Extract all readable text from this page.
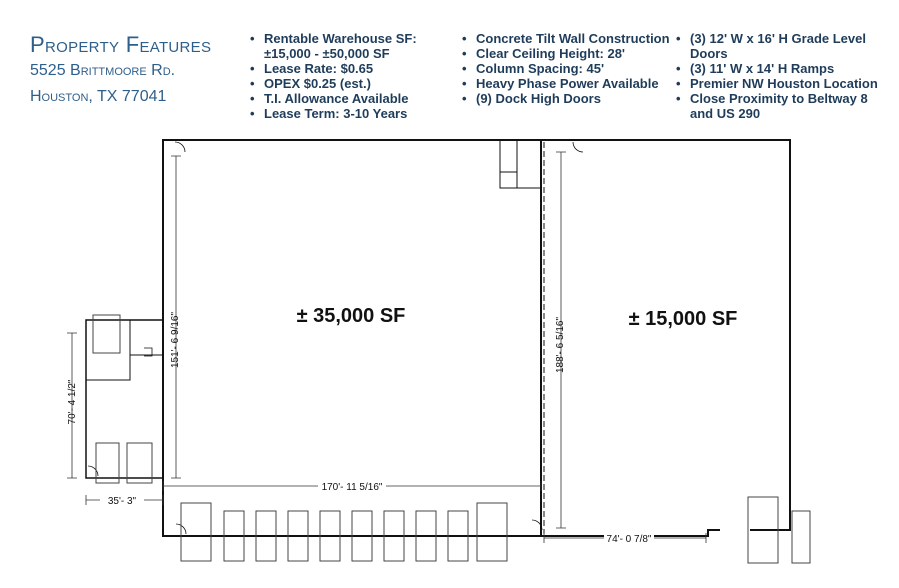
Property Features
5525 Brittmoore Rd.
Houston, TX 77041
• Rentable Warehouse SF: ±15,000 - ±50,000 SF
• Lease Rate: $0.65
• OPEX $0.25 (est.)
• T.I. Allowance Available
• Lease Term: 3-10 Years
• Concrete Tilt Wall Construction
• Clear Ceiling Height: 28'
• Column Spacing: 45'
• Heavy Phase Power Available
• (9) Dock High Doors
• (3) 12' W x 16' H Grade Level Doors
• (3) 11' W x 14' H Ramps
• Premier NW Houston Location
• Close Proximity to Beltway 8 and US 290
± 35,000 SF	± 15,000 SF
151'- 6 9/16"	188'- 6 5/16"
70'- 4 1/2"
35'- 3"
170'- 11 5/16"
74'- 0 7/8"
